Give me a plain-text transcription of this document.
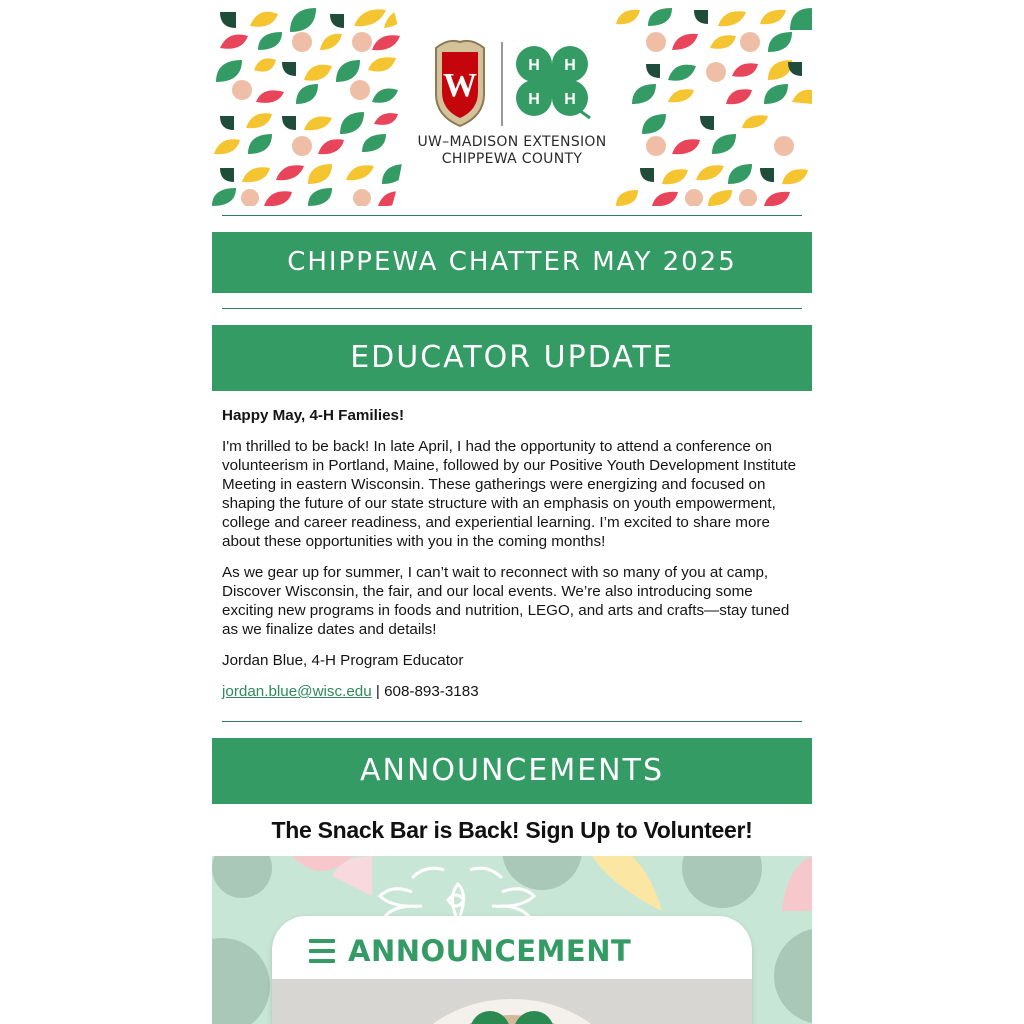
W
H H
H H
UW–MADISON EXTENSION
CHIPPEWA COUNTY
CHIPPEWA CHATTER MAY 2025
EDUCATOR UPDATE
Happy May, 4-H Families!
I'm thrilled to be back! In late April, I had the opportunity to attend a conference on volunteerism in Portland, Maine, followed by our Positive Youth Development Institute Meeting in eastern Wisconsin. These gatherings were energizing and focused on shaping the future of our state structure with an emphasis on youth empowerment, college and career readiness, and experiential learning. I’m excited to share more about these opportunities with you in the coming months!
As we gear up for summer, I can’t wait to reconnect with so many of you at camp, Discover Wisconsin, the fair, and our local events. We’re also introducing some exciting new programs in foods and nutrition, LEGO, and arts and crafts—stay tuned as we finalize dates and details!
Jordan Blue, 4-H Program Educator
jordan.blue@wisc.edu | 608-893-3183
ANNOUNCEMENTS
The Snack Bar is Back! Sign Up to Volunteer!
ANNOUNCEMENT
